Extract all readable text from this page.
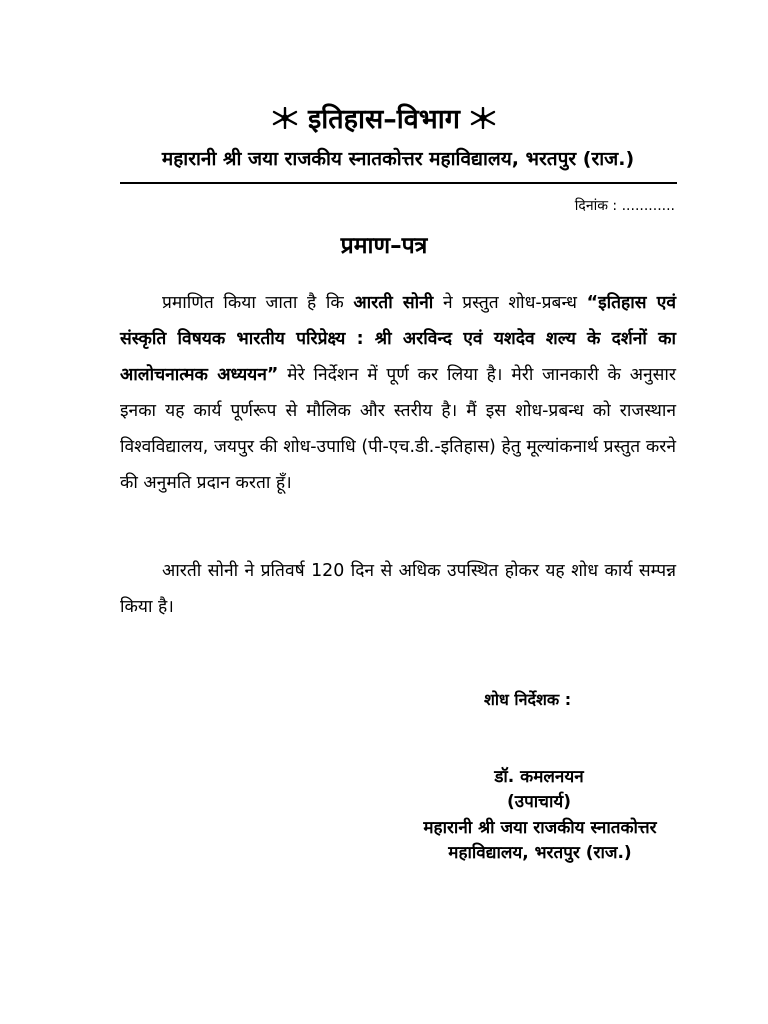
इतिहास–विभाग
महारानी श्री जया राजकीय स्नातकोत्तर महाविद्यालय, भरतपुर (राज.)
दिनांक : ............
प्रमाण–पत्र
प्रमाणित किया जाता है कि आरती सोनी ने प्रस्तुत शोध-प्रबन्ध “इतिहास एवं संस्कृति विषयक भारतीय परिप्रेक्ष्य : श्री अरविन्द एवं यशदेव शल्य के दर्शनों का आलोचनात्मक अध्ययन” मेरे निर्देशन में पूर्ण कर लिया है। मेरी जानकारी के अनुसार इनका यह कार्य पूर्णरूप से मौलिक और स्तरीय है। मैं इस शोध-प्रबन्ध को राजस्थान विश्वविद्यालय, जयपुर की शोध-उपाधि (पी-एच.डी.-इतिहास) हेतु मूल्यांकनार्थ प्रस्तुत करने की अनुमति प्रदान करता हूँ।
आरती सोनी ने प्रतिवर्ष 120 दिन से अधिक उपस्थित होकर यह शोध कार्य सम्पन्न किया है।
शोध निर्देशक :
डॉ. कमलनयन
(उपाचार्य)
महारानी श्री जया राजकीय स्नातकोत्तर
महाविद्यालय, भरतपुर (राज.)
